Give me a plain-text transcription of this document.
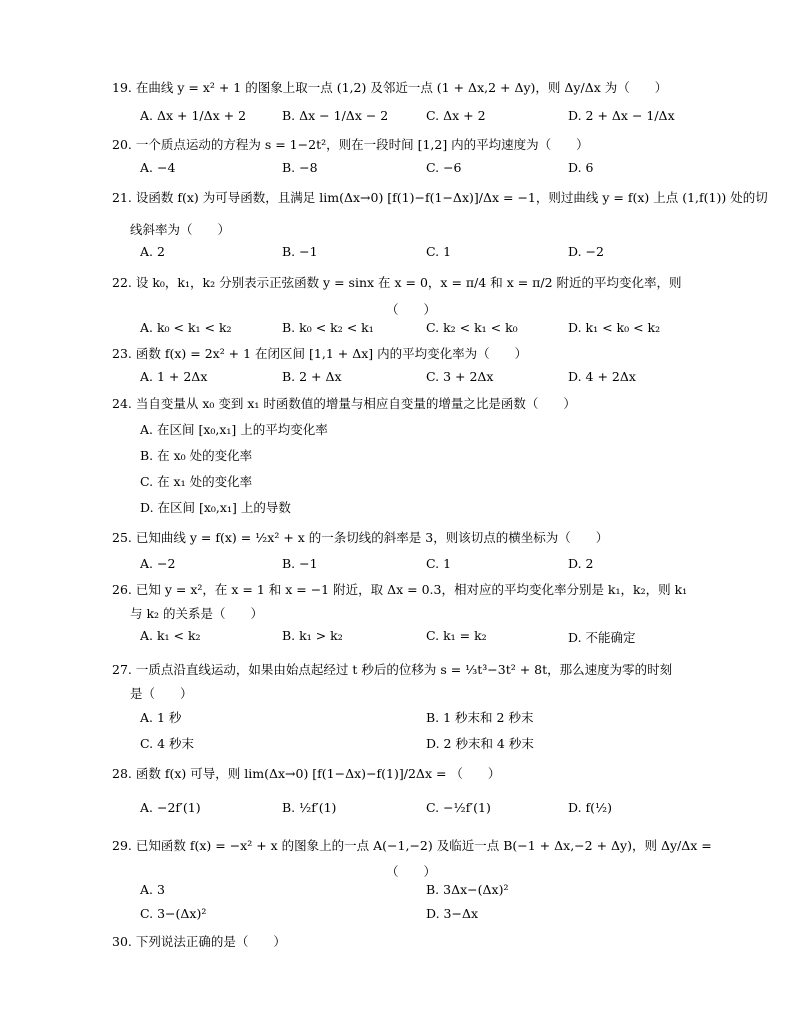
19. 在曲线 y = x² + 1 的图象上取一点 (1,2) 及邻近一点 (1 + Δx,2 + Δy)，则 Δy/Δx 为（　　）
A. Δx + 1/Δx + 2	B. Δx − 1/Δx − 2	C. Δx + 2	D. 2 + Δx − 1/Δx
20. 一个质点运动的方程为 s = 1−2t²，则在一段时间 [1,2] 内的平均速度为（　　）
A. −4	B. −8	C. −6	D. 6
21. 设函数 f(x) 为可导函数，且满足 lim(Δx→0) [f(1)−f(1−Δx)]/Δx = −1，则过曲线 y = f(x) 上点 (1,f(1)) 处的切
线斜率为（　　）
A. 2	B. −1	C. 1	D. −2
22. 设 k₀，k₁，k₂ 分别表示正弦函数 y = sinx 在 x = 0，x = π/4 和 x = π/2 附近的平均变化率，则
（　　）
A. k₀ < k₁ < k₂	B. k₀ < k₂ < k₁	C. k₂ < k₁ < k₀	D. k₁ < k₀ < k₂
23. 函数 f(x) = 2x² + 1 在闭区间 [1,1 + Δx] 内的平均变化率为（　　）
A. 1 + 2Δx	B. 2 + Δx	C. 3 + 2Δx	D. 4 + 2Δx
24. 当自变量从 x₀ 变到 x₁ 时函数值的增量与相应自变量的增量之比是函数（　　）
A. 在区间 [x₀,x₁] 上的平均变化率
B. 在 x₀ 处的变化率
C. 在 x₁ 处的变化率
D. 在区间 [x₀,x₁] 上的导数
25. 已知曲线 y = f(x) = ½x² + x 的一条切线的斜率是 3，则该切点的横坐标为（　　）
A. −2	B. −1	C. 1	D. 2
26. 已知 y = x²，在 x = 1 和 x = −1 附近，取 Δx = 0.3，相对应的平均变化率分别是 k₁，k₂，则 k₁
与 k₂ 的关系是（　　）
A. k₁ < k₂	B. k₁ > k₂	C. k₁ = k₂	D. 不能确定
27. 一质点沿直线运动，如果由始点起经过 t 秒后的位移为 s = ⅓t³−3t² + 8t，那么速度为零的时刻
是（　　）
A. 1 秒	B. 1 秒末和 2 秒末
C. 4 秒末	D. 2 秒末和 4 秒末
28. 函数 f(x) 可导，则 lim(Δx→0) [f(1−Δx)−f(1)]/2Δx = （　　）
A. −2f′(1)	B. ½f′(1)	C. −½f′(1)	D. f(½)
29. 已知函数 f(x) = −x² + x 的图象上的一点 A(−1,−2) 及临近一点 B(−1 + Δx,−2 + Δy)，则 Δy/Δx =
（　　）
A. 3	B. 3Δx−(Δx)²
C. 3−(Δx)²	D. 3−Δx
30. 下列说法正确的是（　　）
